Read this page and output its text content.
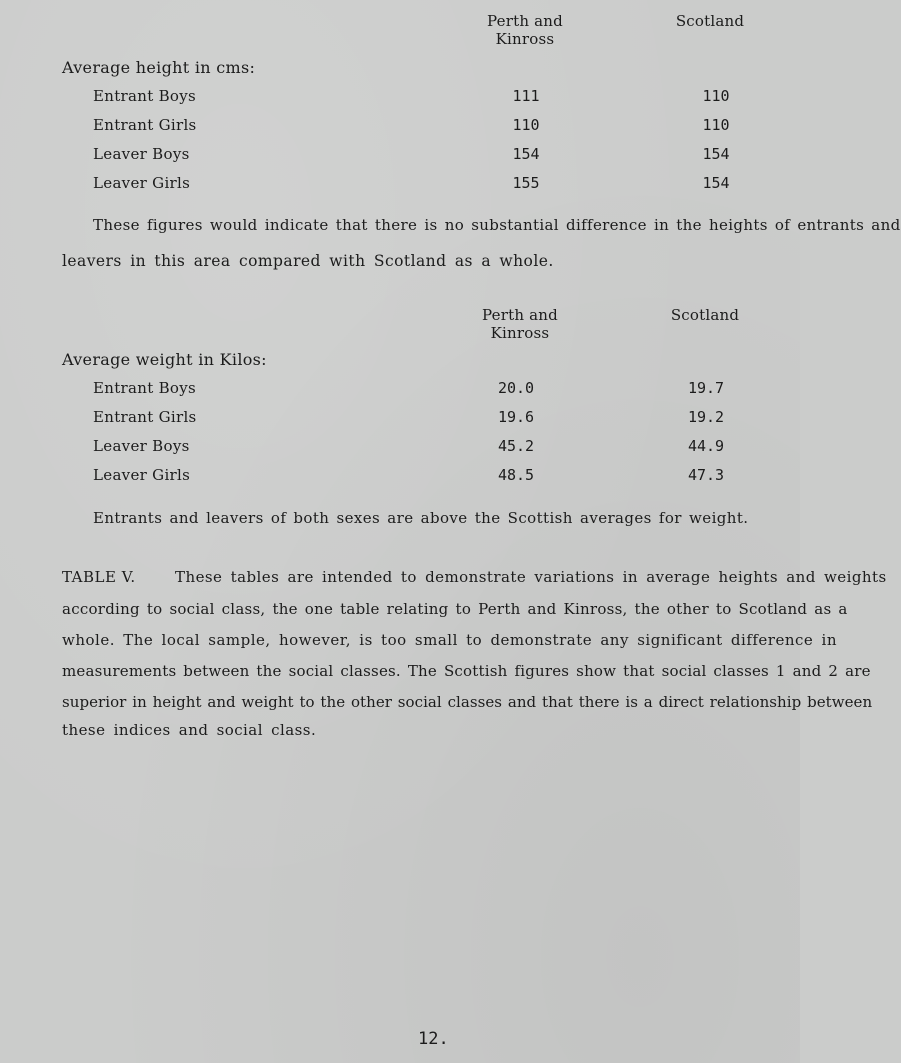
Perth and
Kinross
Scotland
Average height in cms:
Entrant Boys	111	110
Entrant Girls	110	110
Leaver Boys	154	154
Leaver Girls	155	154
These figures would indicate that there is no substantial difference in the heights of entrants and
leavers in this area compared with Scotland as a whole.
Perth and
Kinross
Scotland
Average weight in Kilos:
Entrant Boys	20.0	19.7
Entrant Girls	19.6	19.2
Leaver Boys	45.2	44.9
Leaver Girls	48.5	47.3
Entrants and leavers of both sexes are above the Scottish averages for weight.
TABLE V.	These tables are intended to demonstrate variations in average heights and weights
according to social class, the one table relating to Perth and Kinross, the other to Scotland as a
whole. The local sample, however, is too small to demonstrate any significant difference in
measurements between the social classes. The Scottish figures show that social classes 1 and 2 are
superior in height and weight to the other social classes and that there is a direct relationship between
these indices and social class.
12.
